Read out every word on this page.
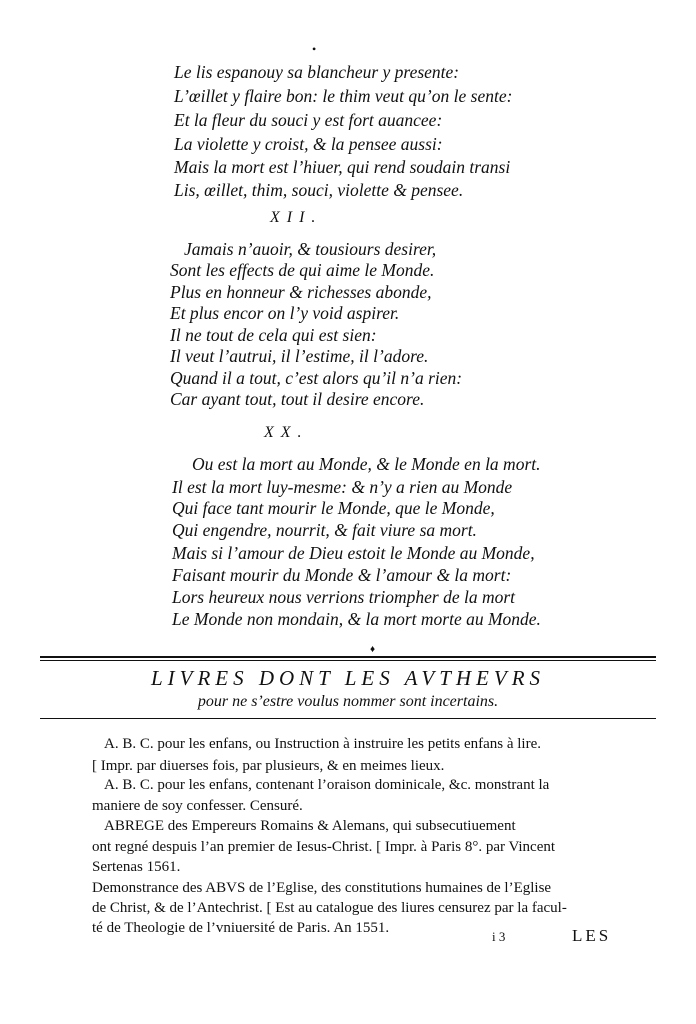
•
Le lis espanouy sa blancheur y presente:
L’œillet y flaire bon: le thim veut qu’on le sente:
Et la fleur du souci y est fort auancee:
La violette y croist, & la pensee aussi:
Mais la mort est l’hiuer, qui rend soudain transi
Lis, œillet, thim, souci, violette & pensee.
XII.
Jamais n’auoir, & tousiours desirer,
Sont les effects de qui aime le Monde.
Plus en honneur & richesses abonde,
Et plus encor on l’y void aspirer.
Il ne tout de cela qui est sien:
Il veut l’autrui, il l’estime, il l’adore.
Quand il a tout, c’est alors qu’il n’a rien:
Car ayant tout, tout il desire encore.
XX.
Ou est la mort au Monde, & le Monde en la mort.
Il est la mort luy-mesme: & n’y a rien au Monde
Qui face tant mourir le Monde, que le Monde,
Qui engendre, nourrit, & fait viure sa mort.
Mais si l’amour de Dieu estoit le Monde au Monde,
Faisant mourir du Monde & l’amour & la mort:
Lors heureux nous verrions triompher de la mort
Le Monde non mondain, & la mort morte au Monde.
♦
LIVRES DONT LES AVTHEVRS
pour ne s’estre voulus nommer sont incertains.
A. B. C. pour les enfans, ou Instruction à instruire les petits enfans à lire.
[ Impr. par diuerses fois, par plusieurs, & en meimes lieux.
A. B. C. pour les enfans, contenant l’oraison dominicale, &c. monstrant la
maniere de soy confesser. Censuré.
ABREGE des Empereurs Romains & Alemans, qui subsecutiuement
ont regné despuis l’an premier de Iesus-Christ. [ Impr. à Paris 8°. par Vincent
Sertenas 1561.
Demonstrance des ABVS de l’Eglise, des constitutions humaines de l’Eglise
de Christ, & de l’Antechrist. [ Est au catalogue des liures censurez par la facul-
té de Theologie de l’vniuersité de Paris. An 1551.
i 3	LES
